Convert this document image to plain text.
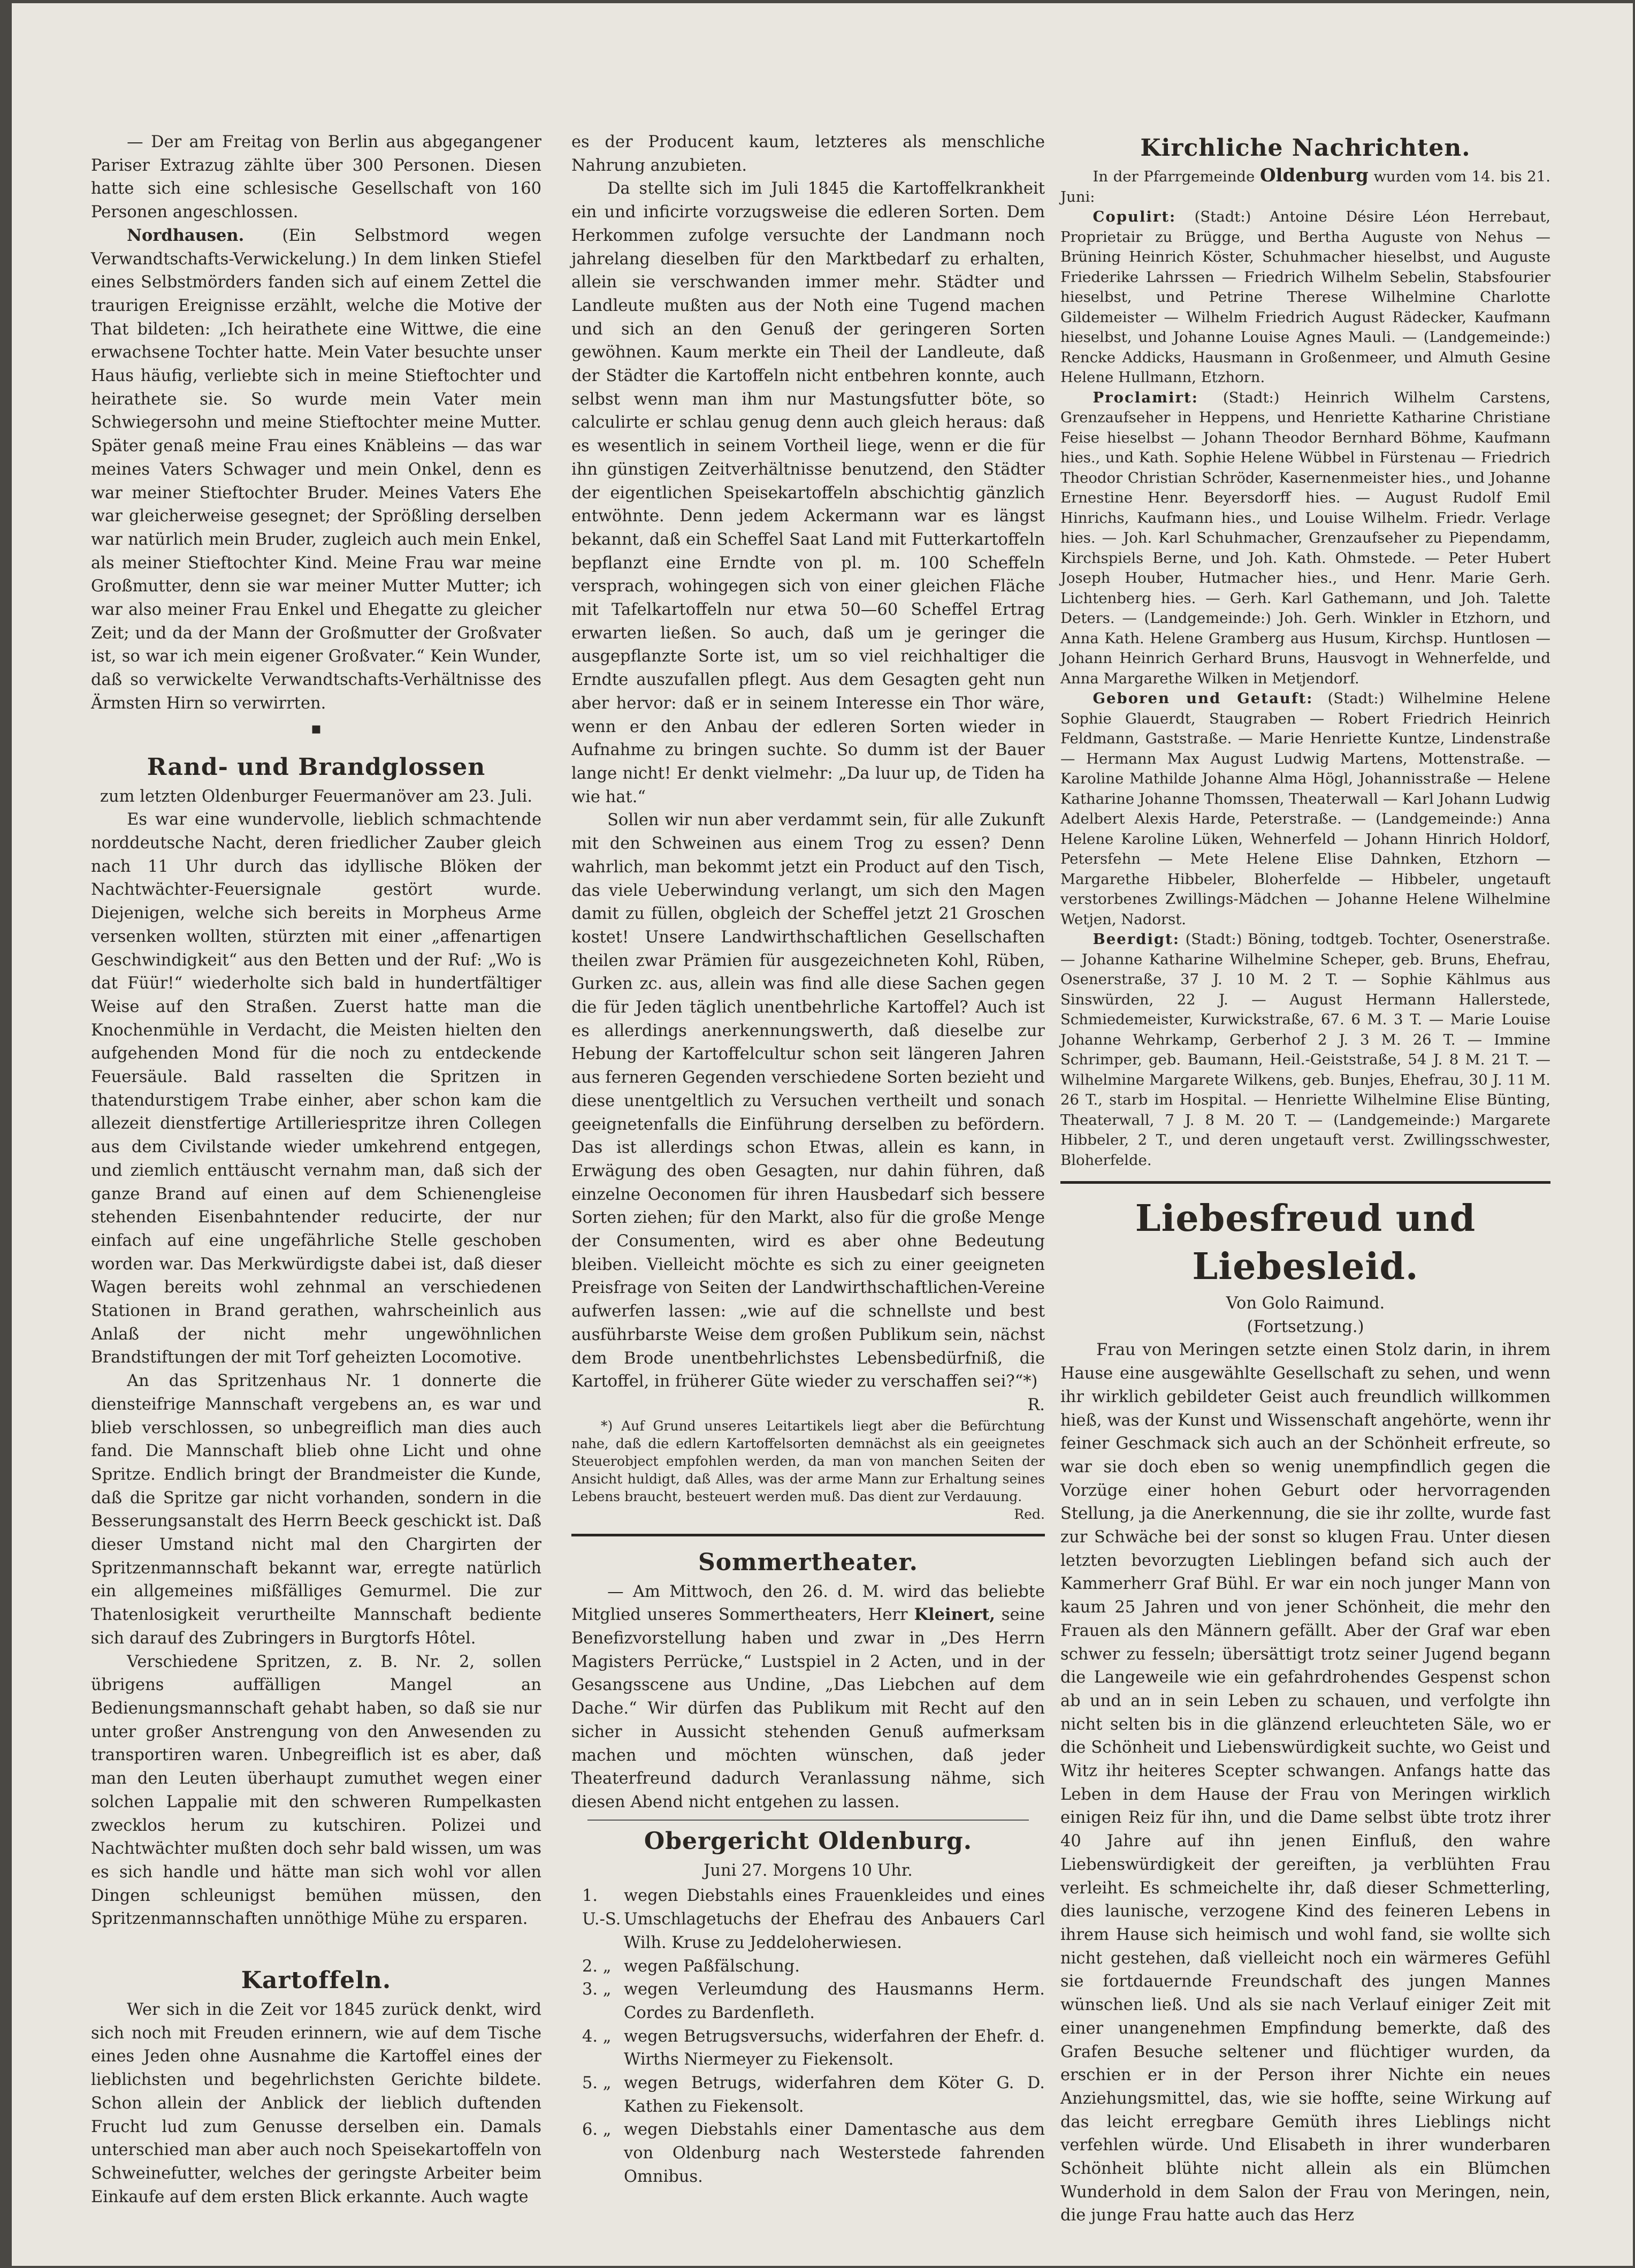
— Der am Freitag von Berlin aus abgegangener Pariser Extrazug zählte über 300 Personen. Diesen hatte sich eine schlesische Gesellschaft von 160 Personen angeschlossen.

Nordhausen. (Ein Selbstmord wegen Verwandtschafts-Verwickelung.) In dem linken Stiefel eines Selbstmörders fanden sich auf einem Zettel die traurigen Ereignisse erzählt, welche die Motive der That bildeten: „Ich heirathete eine Wittwe, die eine erwachsene Tochter hatte. Mein Vater besuchte unser Haus häufig, verliebte sich in meine Stieftochter und heirathete sie. So wurde mein Vater mein Schwiegersohn und meine Stieftochter meine Mutter. Später genaß meine Frau eines Knäbleins — das war meines Vaters Schwager und mein Onkel, denn es war meiner Stieftochter Bruder. Meines Vaters Ehe war gleicherweise gesegnet; der Sprößling derselben war natürlich mein Bruder, zugleich auch mein Enkel, als meiner Stieftochter Kind. Meine Frau war meine Großmutter, denn sie war meiner Mutter Mutter; ich war also meiner Frau Enkel und Ehegatte zu gleicher Zeit; und da der Mann der Großmutter der Großvater ist, so war ich mein eigener Großvater.“ Kein Wunder, daß so verwickelte Verwandtschafts-Verhältnisse des Ärmsten Hirn so verwirrten.

▪
Rand- und Brandglossen

zum letzten Oldenburger Feuermanöver am 23. Juli.

Es war eine wundervolle, lieblich schmachtende norddeutsche Nacht, deren friedlicher Zauber gleich nach 11 Uhr durch das idyllische Blöken der Nachtwächter-Feuersignale gestört wurde. Diejenigen, welche sich bereits in Morpheus Arme versenken wollten, stürzten mit einer „affenartigen Geschwindigkeit“ aus den Betten und der Ruf: „Wo is dat Füür!“ wiederholte sich bald in hundertfältiger Weise auf den Straßen. Zuerst hatte man die Knochenmühle in Verdacht, die Meisten hielten den aufgehenden Mond für die noch zu entdeckende Feuersäule. Bald rasselten die Spritzen in thatendurstigem Trabe einher, aber schon kam die allezeit dienstfertige Artilleriespritze ihren Collegen aus dem Civilstande wieder umkehrend entgegen, und ziemlich enttäuscht vernahm man, daß sich der ganze Brand auf einen auf dem Schienengleise stehenden Eisenbahntender reducirte, der nur einfach auf eine ungefährliche Stelle geschoben worden war. Das Merkwürdigste dabei ist, daß dieser Wagen bereits wohl zehnmal an verschiedenen Stationen in Brand gerathen, wahrscheinlich aus Anlaß der nicht mehr ungewöhnlichen Brandstiftungen der mit Torf geheizten Locomotive.

An das Spritzenhaus Nr. 1 donnerte die diensteifrige Mannschaft vergebens an, es war und blieb verschlossen, so unbegreiflich man dies auch fand. Die Mannschaft blieb ohne Licht und ohne Spritze. Endlich bringt der Brandmeister die Kunde, daß die Spritze gar nicht vorhanden, sondern in die Besserungsanstalt des Herrn Beeck geschickt ist. Daß dieser Umstand nicht mal den Chargirten der Spritzenmannschaft bekannt war, erregte natürlich ein allgemeines mißfälliges Gemurmel. Die zur Thatenlosigkeit verurtheilte Mannschaft bediente sich darauf des Zubringers in Burgtorfs Hôtel.

Verschiedene Spritzen, z. B. Nr. 2, sollen übrigens auffälligen Mangel an Bedienungsmannschaft gehabt haben, so daß sie nur unter großer Anstrengung von den Anwesenden zu transportiren waren. Unbegreiflich ist es aber, daß man den Leuten überhaupt zumuthet wegen einer solchen Lappalie mit den schweren Rumpelkasten zwecklos herum zu kutschiren. Polizei und Nachtwächter mußten doch sehr bald wissen, um was es sich handle und hätte man sich wohl vor allen Dingen schleunigst bemühen müssen, den Spritzenmannschaften unnöthige Mühe zu ersparen.

Kartoffeln.

Wer sich in die Zeit vor 1845 zurück denkt, wird sich noch mit Freuden erinnern, wie auf dem Tische eines Jeden ohne Ausnahme die Kartoffel eines der lieblichsten und begehrlichsten Gerichte bildete. Schon allein der Anblick der lieblich duftenden Frucht lud zum Genusse derselben ein. Damals unterschied man aber auch noch Speisekartoffeln von Schweinefutter, welches der geringste Arbeiter beim Einkaufe auf dem ersten Blick erkannte. Auch wagte

es der Producent kaum, letzteres als menschliche Nahrung anzubieten.

Da stellte sich im Juli 1845 die Kartoffelkrankheit ein und inficirte vorzugsweise die edleren Sorten. Dem Herkommen zufolge versuchte der Landmann noch jahrelang dieselben für den Marktbedarf zu erhalten, allein sie verschwanden immer mehr. Städter und Landleute mußten aus der Noth eine Tugend machen und sich an den Genuß der geringeren Sorten gewöhnen. Kaum merkte ein Theil der Landleute, daß der Städter die Kartoffeln nicht entbehren konnte, auch selbst wenn man ihm nur Mastungsfutter böte, so calculirte er schlau genug denn auch gleich heraus: daß es wesentlich in seinem Vortheil liege, wenn er die für ihn günstigen Zeitverhältnisse benutzend, den Städter der eigentlichen Speisekartoffeln abschichtig gänzlich entwöhnte. Denn jedem Ackermann war es längst bekannt, daß ein Scheffel Saat Land mit Futterkartoffeln bepflanzt eine Erndte von pl. m. 100 Scheffeln versprach, wohingegen sich von einer gleichen Fläche mit Tafelkartoffeln nur etwa 50—60 Scheffel Ertrag erwarten ließen. So auch, daß um je geringer die ausgepflanzte Sorte ist, um so viel reichhaltiger die Erndte auszufallen pflegt. Aus dem Gesagten geht nun aber hervor: daß er in seinem Interesse ein Thor wäre, wenn er den Anbau der edleren Sorten wieder in Aufnahme zu bringen suchte. So dumm ist der Bauer lange nicht! Er denkt vielmehr: „Da luur up, de Tiden ha wie hat.“

Sollen wir nun aber verdammt sein, für alle Zukunft mit den Schweinen aus einem Trog zu essen? Denn wahrlich, man bekommt jetzt ein Product auf den Tisch, das viele Ueberwindung verlangt, um sich den Magen damit zu füllen, obgleich der Scheffel jetzt 21 Groschen kostet! Unsere Landwirthschaftlichen Gesellschaften theilen zwar Prämien für ausgezeichneten Kohl, Rüben, Gurken zc. aus, allein was find alle diese Sachen gegen die für Jeden täglich unentbehrliche Kartoffel? Auch ist es allerdings anerkennungswerth, daß dieselbe zur Hebung der Kartoffelcultur schon seit längeren Jahren aus ferneren Gegenden verschiedene Sorten bezieht und diese unentgeltlich zu Versuchen vertheilt und sonach geeignetenfalls die Einführung derselben zu befördern. Das ist allerdings schon Etwas, allein es kann, in Erwägung des oben Gesagten, nur dahin führen, daß einzelne Oeconomen für ihren Hausbedarf sich bessere Sorten ziehen; für den Markt, also für die große Menge der Consumenten, wird es aber ohne Bedeutung bleiben. Vielleicht möchte es sich zu einer geeigneten Preisfrage von Seiten der Landwirthschaftlichen-Vereine aufwerfen lassen: „wie auf die schnellste und best ausführbarste Weise dem großen Publikum sein, nächst dem Brode unentbehrlichstes Lebensbedürfniß, die Kartoffel, in früherer Güte wieder zu verschaffen sei?“*)

R.

*) Auf Grund unseres Leitartikels liegt aber die Befürchtung nahe, daß die edlern Kartoffelsorten demnächst als ein geeignetes Steuerobject empfohlen werden, da man von manchen Seiten der Ansicht huldigt, daß Alles, was der arme Mann zur Erhaltung seines Lebens braucht, besteuert werden muß. Das dient zur Verdauung.

Red.

Sommertheater.

— Am Mittwoch, den 26. d. M. wird das beliebte Mitglied unseres Sommertheaters, Herr Kleinert, seine Benefizvorstellung haben und zwar in „Des Herrn Magisters Perrücke,“ Lustspiel in 2 Acten, und in der Gesangsscene aus Undine, „Das Liebchen auf dem Dache.“ Wir dürfen das Publikum mit Recht auf den sicher in Aussicht stehenden Genuß aufmerksam machen und möchten wünschen, daß jeder Theaterfreund dadurch Veranlassung nähme, sich diesen Abend nicht entgehen zu lassen.

Obergericht Oldenburg.

Juni 27. Morgens 10 Uhr.

1. U.-S.
wegen Diebstahls eines Frauenkleides und eines Umschlagetuchs der Ehefrau des Anbauers Carl Wilh. Kruse zu Jeddeloherwiesen.
2. „ wegen Paßfälschung.
3. „ wegen Verleumdung des Hausmanns Herm. Cordes zu Bardenfleth.
4. „ wegen Betrugsversuchs, widerfahren der Ehefr. d. Wirths Niermeyer zu Fiekensolt.
5. „ wegen Betrugs, widerfahren dem Köter G. D. Kathen zu Fiekensolt.
6. „ wegen Diebstahls einer Damentasche aus dem von Oldenburg nach Westerstede fahrenden Omnibus.
Kirchliche Nachrichten.

In der Pfarrgemeinde Oldenburg wurden vom 14. bis 21. Juni:

Copulirt: (Stadt:) Antoine Désire Léon Herrebaut, Proprietair zu Brügge, und Bertha Auguste von Nehus — Brüning Heinrich Köster, Schuhmacher hieselbst, und Auguste Friederike Lahrssen — Friedrich Wilhelm Sebelin, Stabsfourier hieselbst, und Petrine Therese Wilhelmine Charlotte Gildemeister — Wilhelm Friedrich August Rädecker, Kaufmann hieselbst, und Johanne Louise Agnes Mauli. — (Landgemeinde:) Rencke Addicks, Hausmann in Großenmeer, und Almuth Gesine Helene Hullmann, Etzhorn.

Proclamirt: (Stadt:) Heinrich Wilhelm Carstens, Grenzaufseher in Heppens, und Henriette Katharine Christiane Feise hieselbst — Johann Theodor Bernhard Böhme, Kaufmann hies., und Kath. Sophie Helene Wübbel in Fürstenau — Friedrich Theodor Christian Schröder, Kasernenmeister hies., und Johanne Ernestine Henr. Beyersdorff hies. — August Rudolf Emil Hinrichs, Kaufmann hies., und Louise Wilhelm. Friedr. Verlage hies. — Joh. Karl Schuhmacher, Grenzaufseher zu Piependamm, Kirchspiels Berne, und Joh. Kath. Ohmstede. — Peter Hubert Joseph Houber, Hutmacher hies., und Henr. Marie Gerh. Lichtenberg hies. — Gerh. Karl Gathemann, und Joh. Talette Deters. — (Landgemeinde:) Joh. Gerh. Winkler in Etzhorn, und Anna Kath. Helene Gramberg aus Husum, Kirchsp. Huntlosen — Johann Heinrich Gerhard Bruns, Hausvogt in Wehnerfelde, und Anna Margarethe Wilken in Metjendorf.

Geboren und Getauft: (Stadt:) Wilhelmine Helene Sophie Glauerdt, Staugraben — Robert Friedrich Heinrich Feldmann, Gaststraße. — Marie Henriette Kuntze, Lindenstraße — Hermann Max August Ludwig Martens, Mottenstraße. — Karoline Mathilde Johanne Alma Högl, Johannisstraße — Helene Katharine Johanne Thomssen, Theaterwall — Karl Johann Ludwig Adelbert Alexis Harde, Peterstraße. — (Landgemeinde:) Anna Helene Karoline Lüken, Wehnerfeld — Johann Hinrich Holdorf, Petersfehn — Mete Helene Elise Dahnken, Etzhorn — Margarethe Hibbeler, Bloherfelde — Hibbeler, ungetauft verstorbenes Zwillings-Mädchen — Johanne Helene Wilhelmine Wetjen, Nadorst.

Beerdigt: (Stadt:) Böning, todtgeb. Tochter, Osenerstraße. — Johanne Katharine Wilhelmine Scheper, geb. Bruns, Ehefrau, Osenerstraße, 37 J. 10 M. 2 T. — Sophie Kählmus aus Sinswürden, 22 J. — August Hermann Hallerstede, Schmiedemeister, Kurwickstraße, 67. 6 M. 3 T. — Marie Louise Johanne Wehrkamp, Gerberhof 2 J. 3 M. 26 T. — Immine Schrimper, geb. Baumann, Heil.-Geiststraße, 54 J. 8 M. 21 T. — Wilhelmine Margarete Wilkens, geb. Bunjes, Ehefrau, 30 J. 11 M. 26 T., starb im Hospital. — Henriette Wilhelmine Elise Bünting, Theaterwall, 7 J. 8 M. 20 T. — (Landgemeinde:) Margarete Hibbeler, 2 T., und deren ungetauft verst. Zwillingsschwester, Bloherfelde.

Liebesfreud und Liebesleid.

Von Golo Raimund.

(Fortsetzung.)

Frau von Meringen setzte einen Stolz darin, in ihrem Hause eine ausgewählte Gesellschaft zu sehen, und wenn ihr wirklich gebildeter Geist auch freundlich willkommen hieß, was der Kunst und Wissenschaft angehörte, wenn ihr feiner Geschmack sich auch an der Schönheit erfreute, so war sie doch eben so wenig unempfindlich gegen die Vorzüge einer hohen Geburt oder hervorragenden Stellung, ja die Anerkennung, die sie ihr zollte, wurde fast zur Schwäche bei der sonst so klugen Frau. Unter diesen letzten bevorzugten Lieblingen befand sich auch der Kammerherr Graf Bühl. Er war ein noch junger Mann von kaum 25 Jahren und von jener Schönheit, die mehr den Frauen als den Männern gefällt. Aber der Graf war eben schwer zu fesseln; übersättigt trotz seiner Jugend begann die Langeweile wie ein gefahrdrohendes Gespenst schon ab und an in sein Leben zu schauen, und verfolgte ihn nicht selten bis in die glänzend erleuchteten Säle, wo er die Schönheit und Liebenswürdigkeit suchte, wo Geist und Witz ihr heiteres Scepter schwangen. Anfangs hatte das Leben in dem Hause der Frau von Meringen wirklich einigen Reiz für ihn, und die Dame selbst übte trotz ihrer 40 Jahre auf ihn jenen Einfluß, den wahre Liebenswürdigkeit der gereiften, ja verblühten Frau verleiht. Es schmeichelte ihr, daß dieser Schmetterling, dies launische, verzogene Kind des feineren Lebens in ihrem Hause sich heimisch und wohl fand, sie wollte sich nicht gestehen, daß vielleicht noch ein wärmeres Gefühl sie fortdauernde Freundschaft des jungen Mannes wünschen ließ. Und als sie nach Verlauf einiger Zeit mit einer unangenehmen Empfindung bemerkte, daß des Grafen Besuche seltener und flüchtiger wurden, da erschien er in der Person ihrer Nichte ein neues Anziehungsmittel, das, wie sie hoffte, seine Wirkung auf das leicht erregbare Gemüth ihres Lieblings nicht verfehlen würde. Und Elisabeth in ihrer wunderbaren Schönheit blühte nicht allein als ein Blümchen Wunderhold in dem Salon der Frau von Meringen, nein, die junge Frau hatte auch das Herz
